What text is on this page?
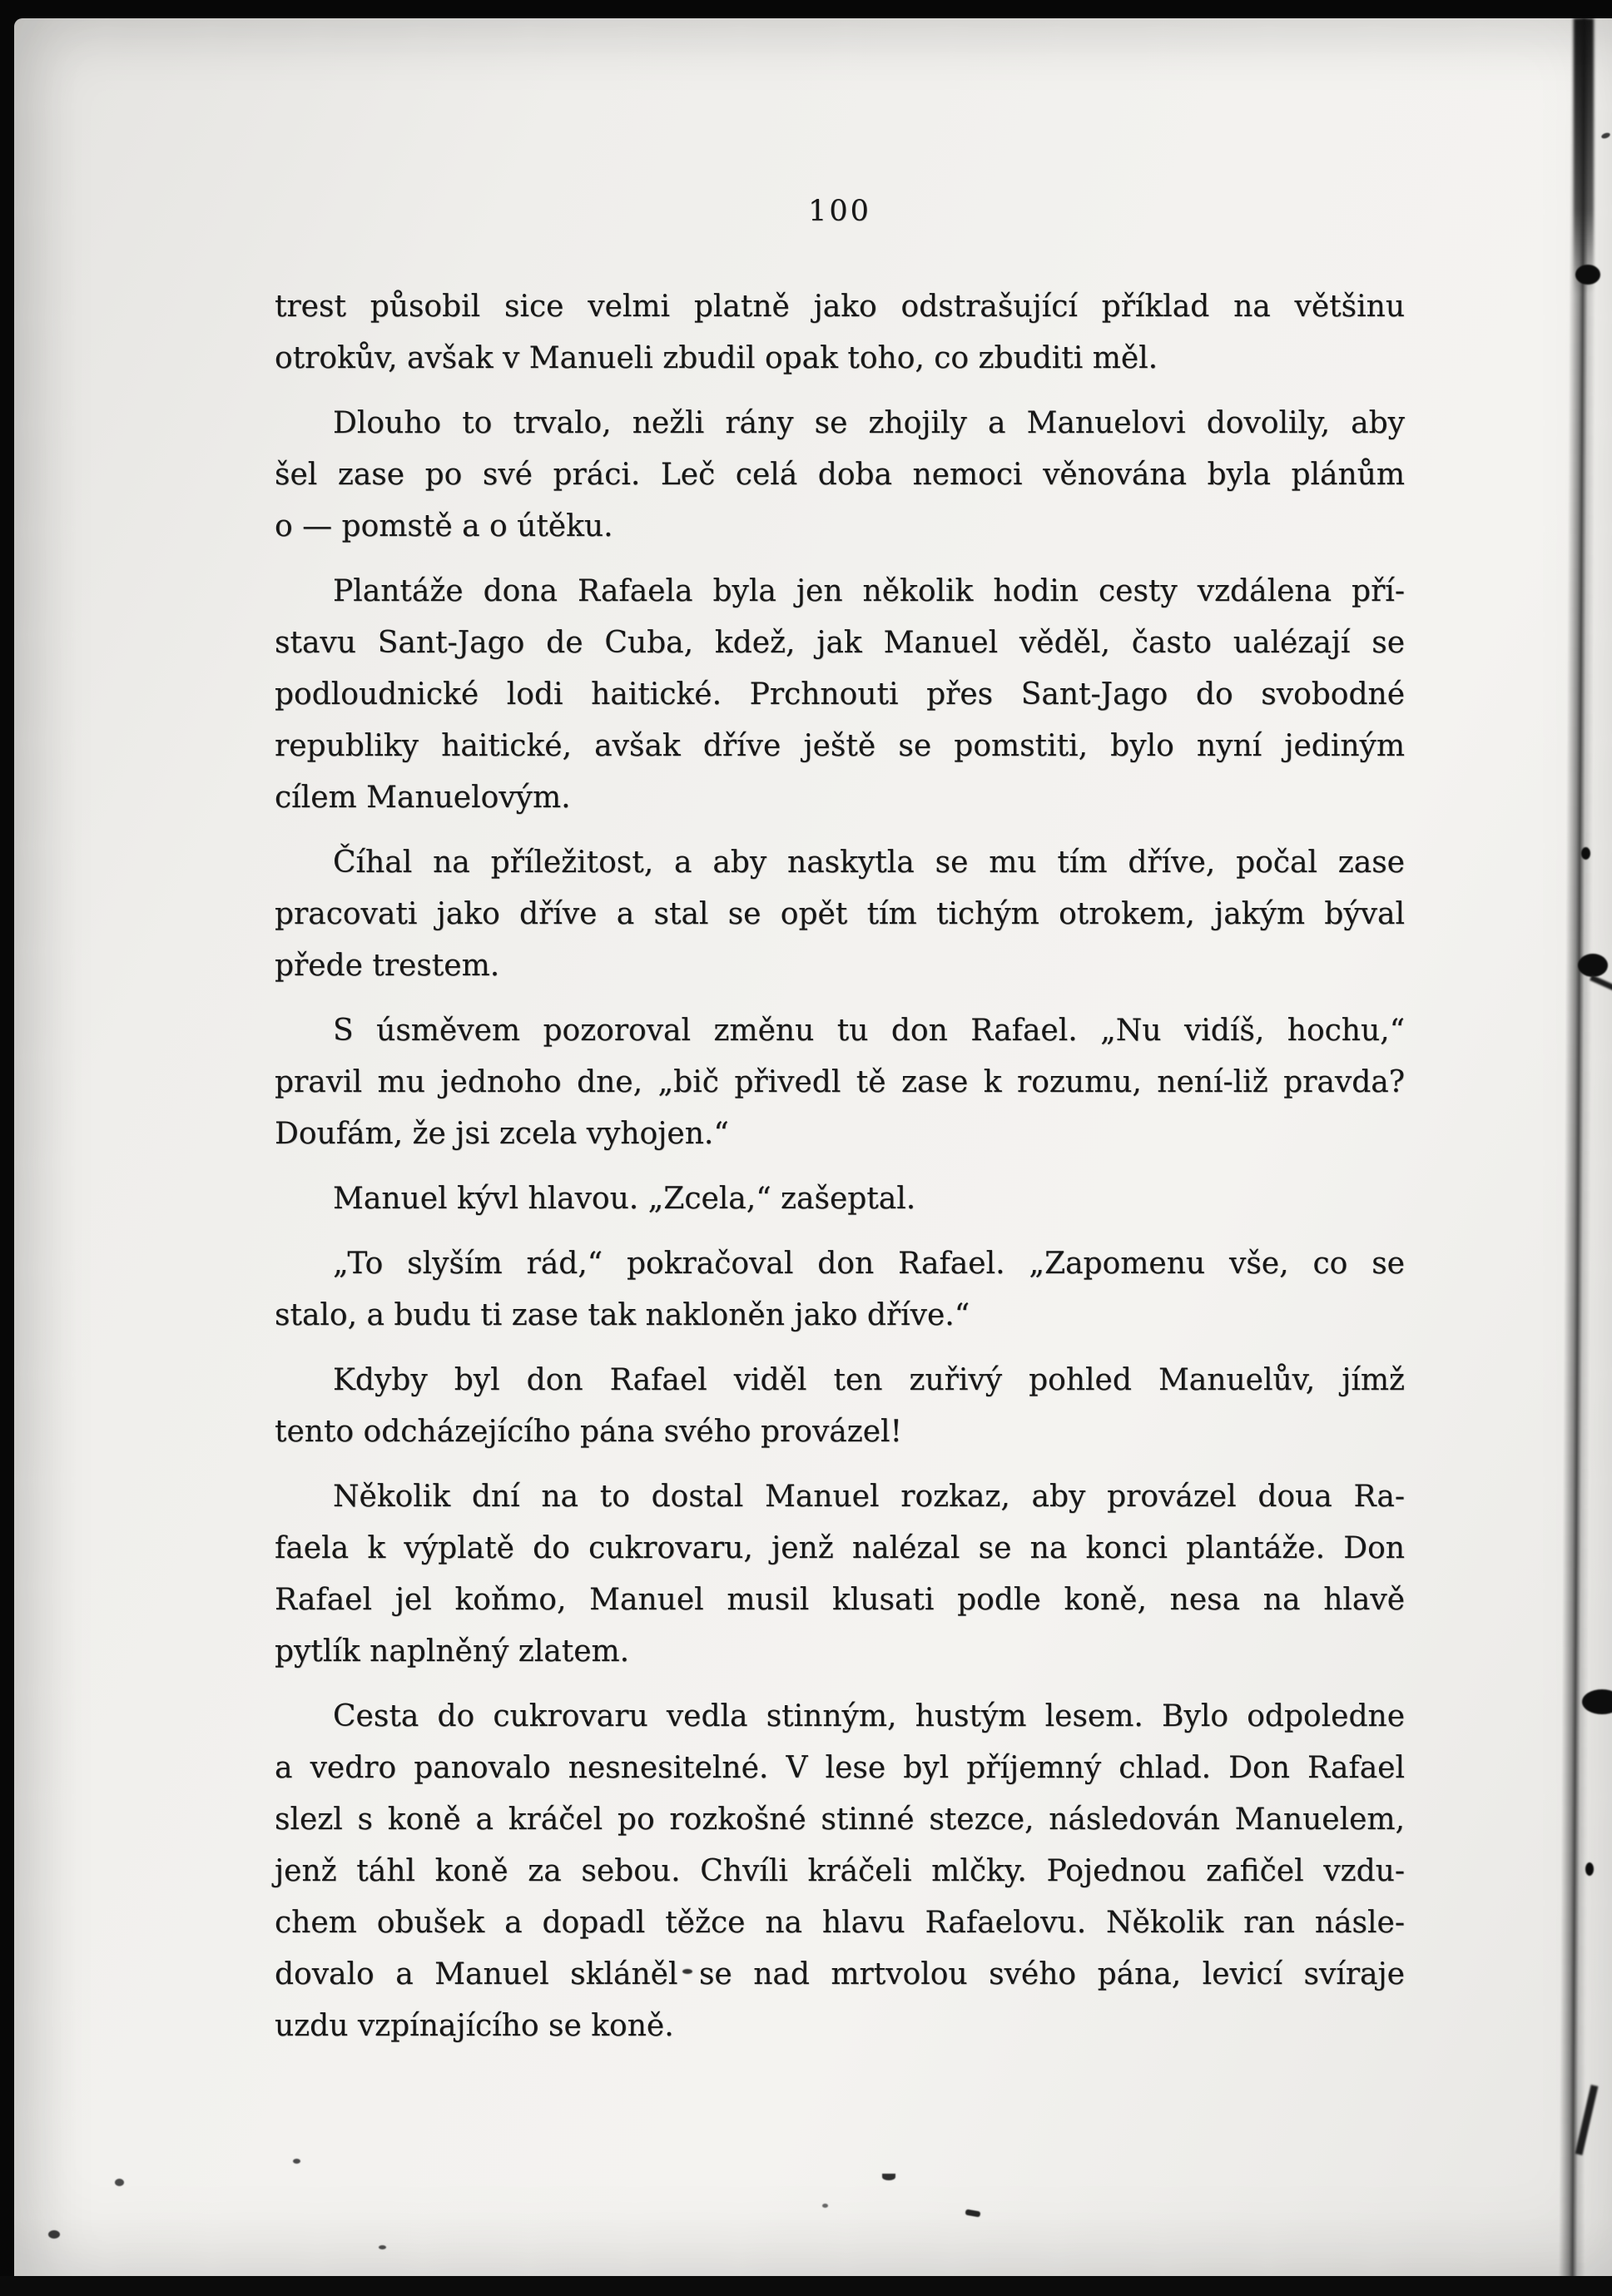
100
trest působil sice velmi platně jako odstrašující příklad na většinu
otrokův, avšak v Manueli zbudil opak toho, co zbuditi měl.
Dlouho to trvalo, nežli rány se zhojily a Manuelovi dovolily, aby
šel zase po své práci. Leč celá doba nemoci věnována byla plánům
o — pomstě a o útěku.
Plantáže dona Rafaela byla jen několik hodin cesty vzdálena pří-
stavu Sant-Jago de Cuba, kdež, jak Manuel věděl, často ualézají se
podloudnické lodi haitické. Prchnouti přes Sant-Jago do svobodné
republiky haitické, avšak dříve ještě se pomstiti, bylo nyní jediným
cílem Manuelovým.
Číhal na příležitost, a aby naskytla se mu tím dříve, počal zase
pracovati jako dříve a stal se opět tím tichým otrokem, jakým býval
přede trestem.
S úsměvem pozoroval změnu tu don Rafael. „Nu vidíš, hochu,“
pravil mu jednoho dne, „bič přivedl tě zase k rozumu, není-liž pravda?
Doufám, že jsi zcela vyhojen.“
Manuel kývl hlavou. „Zcela,“ zašeptal.
„To slyším rád,“ pokračoval don Rafael. „Zapomenu vše, co se
stalo, a budu ti zase tak nakloněn jako dříve.“
Kdyby byl don Rafael viděl ten zuřivý pohled Manuelův, jímž
tento odcházejícího pána svého provázel!
Několik dní na to dostal Manuel rozkaz, aby provázel doua Ra-
faela k výplatě do cukrovaru, jenž nalézal se na konci plantáže. Don
Rafael jel koňmo, Manuel musil klusati podle koně, nesa na hlavě
pytlík naplněný zlatem.
Cesta do cukrovaru vedla stinným, hustým lesem. Bylo odpoledne
a vedro panovalo nesnesitelné. V lese byl příjemný chlad. Don Rafael
slezl s koně a kráčel po rozkošné stinné stezce, následován Manuelem,
jenž táhl koně za sebou. Chvíli kráčeli mlčky. Pojednou zafičel vzdu-
chem obušek a dopadl těžce na hlavu Rafaelovu. Několik ran násle-
dovalo a Manuel skláněl se nad mrtvolou svého pána, levicí svíraje
uzdu vzpínajícího se koně.
